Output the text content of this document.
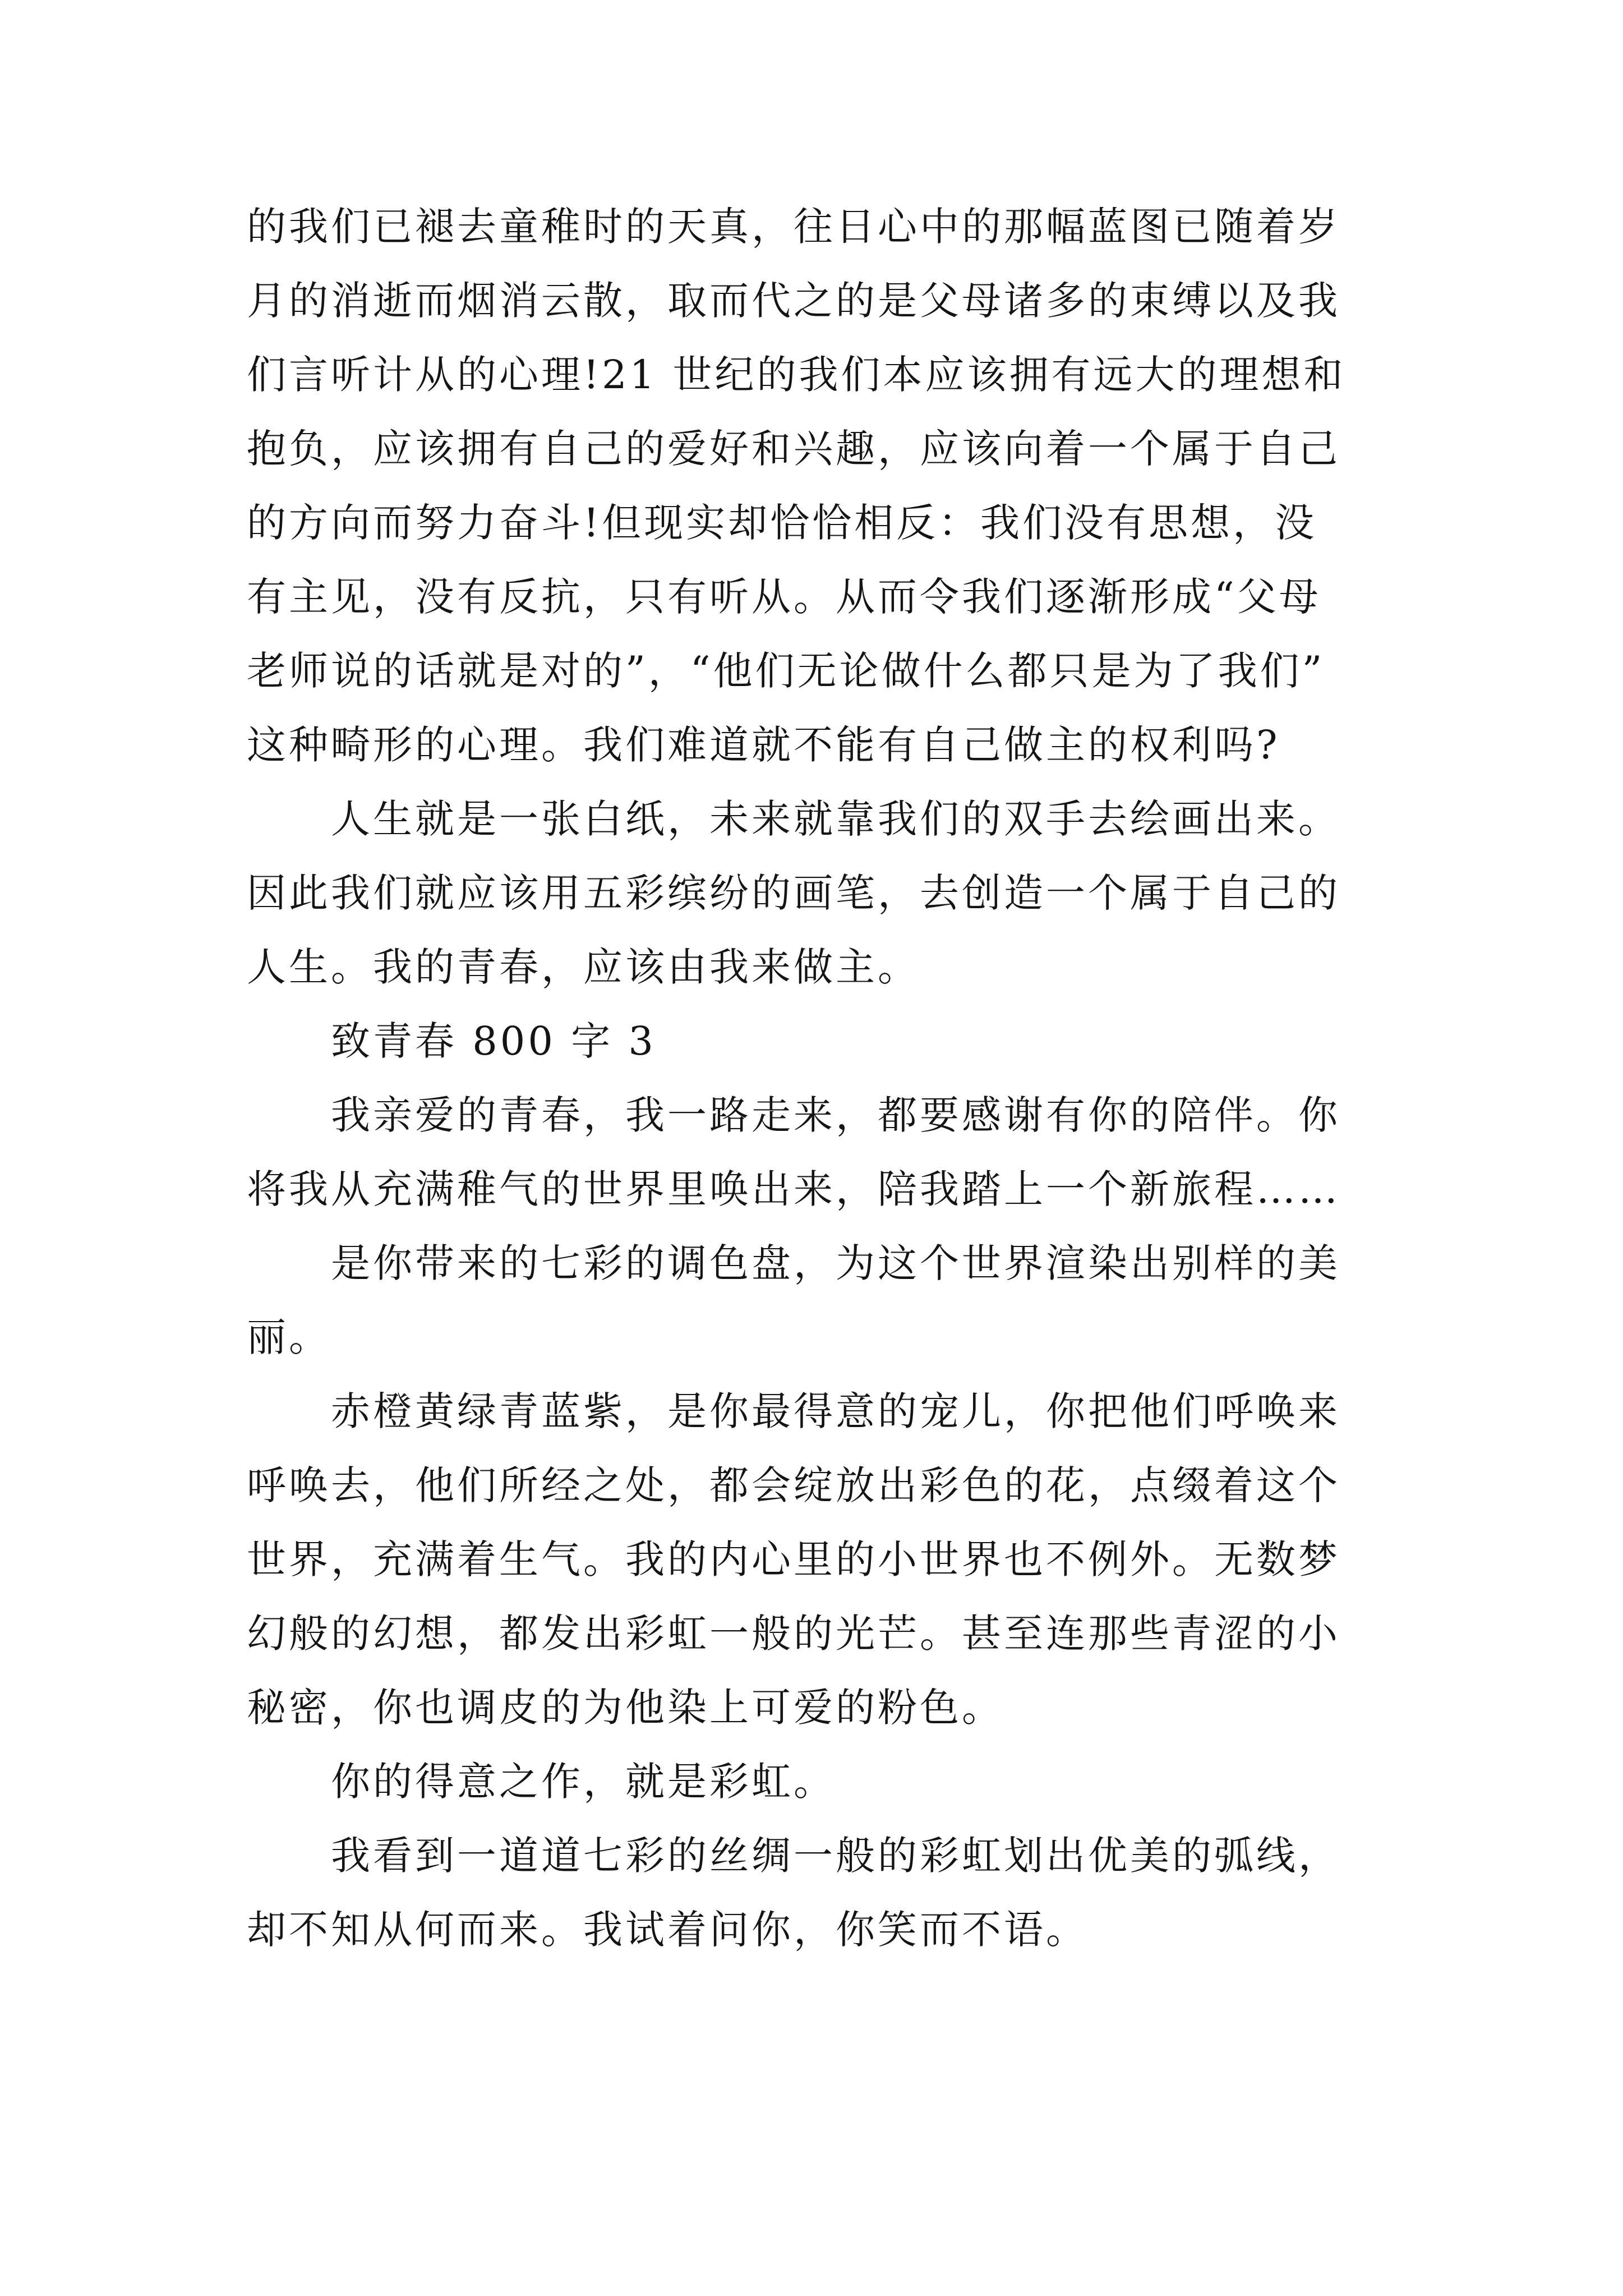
的我们已褪去童稚时的天真，往日心中的那幅蓝图已随着岁

月的消逝而烟消云散，取而代之的是父母诸多的束缚以及我

们言听计从的心理!21 世纪的我们本应该拥有远大的理想和

抱负，应该拥有自己的爱好和兴趣，应该向着一个属于自己

的方向而努力奋斗!但现实却恰恰相反：我们没有思想，没

有主见，没有反抗，只有听从。从而令我们逐渐形成“父母

老师说的话就是对的”，“他们无论做什么都只是为了我们”

这种畸形的心理。我们难道就不能有自己做主的权利吗?

　　人生就是一张白纸，未来就靠我们的双手去绘画出来。

因此我们就应该用五彩缤纷的画笔，去创造一个属于自己的

人生。我的青春，应该由我来做主。

　　致青春 800 字 3

　　我亲爱的青春，我一路走来，都要感谢有你的陪伴。你

将我从充满稚气的世界里唤出来，陪我踏上一个新旅程……

　　是你带来的七彩的调色盘，为这个世界渲染出别样的美

丽。

　　赤橙黄绿青蓝紫，是你最得意的宠儿，你把他们呼唤来

呼唤去，他们所经之处，都会绽放出彩色的花，点缀着这个

世界，充满着生气。我的内心里的小世界也不例外。无数梦

幻般的幻想，都发出彩虹一般的光芒。甚至连那些青涩的小

秘密，你也调皮的为他染上可爱的粉色。

　　你的得意之作，就是彩虹。

　　我看到一道道七彩的丝绸一般的彩虹划出优美的弧线，

却不知从何而来。我试着问你，你笑而不语。
